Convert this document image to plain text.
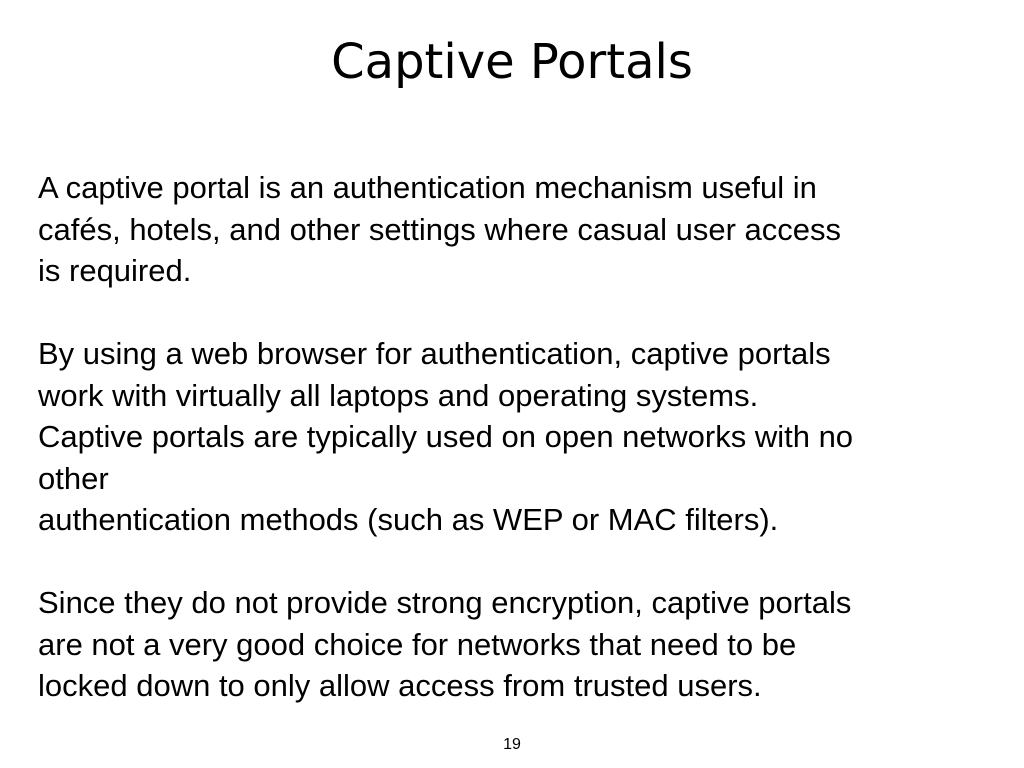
Captive Portals

A captive portal is an authentication mechanism useful in
cafés, hotels, and other settings where casual user access
is required.

By using a web browser for authentication, captive portals
work with virtually all laptops and operating systems.
Captive portals are typically used on open networks with no
other
authentication methods (such as WEP or MAC filters).

Since they do not provide strong encryption, captive portals
are not a very good choice for networks that need to be
locked down to only allow access from trusted users.

19
